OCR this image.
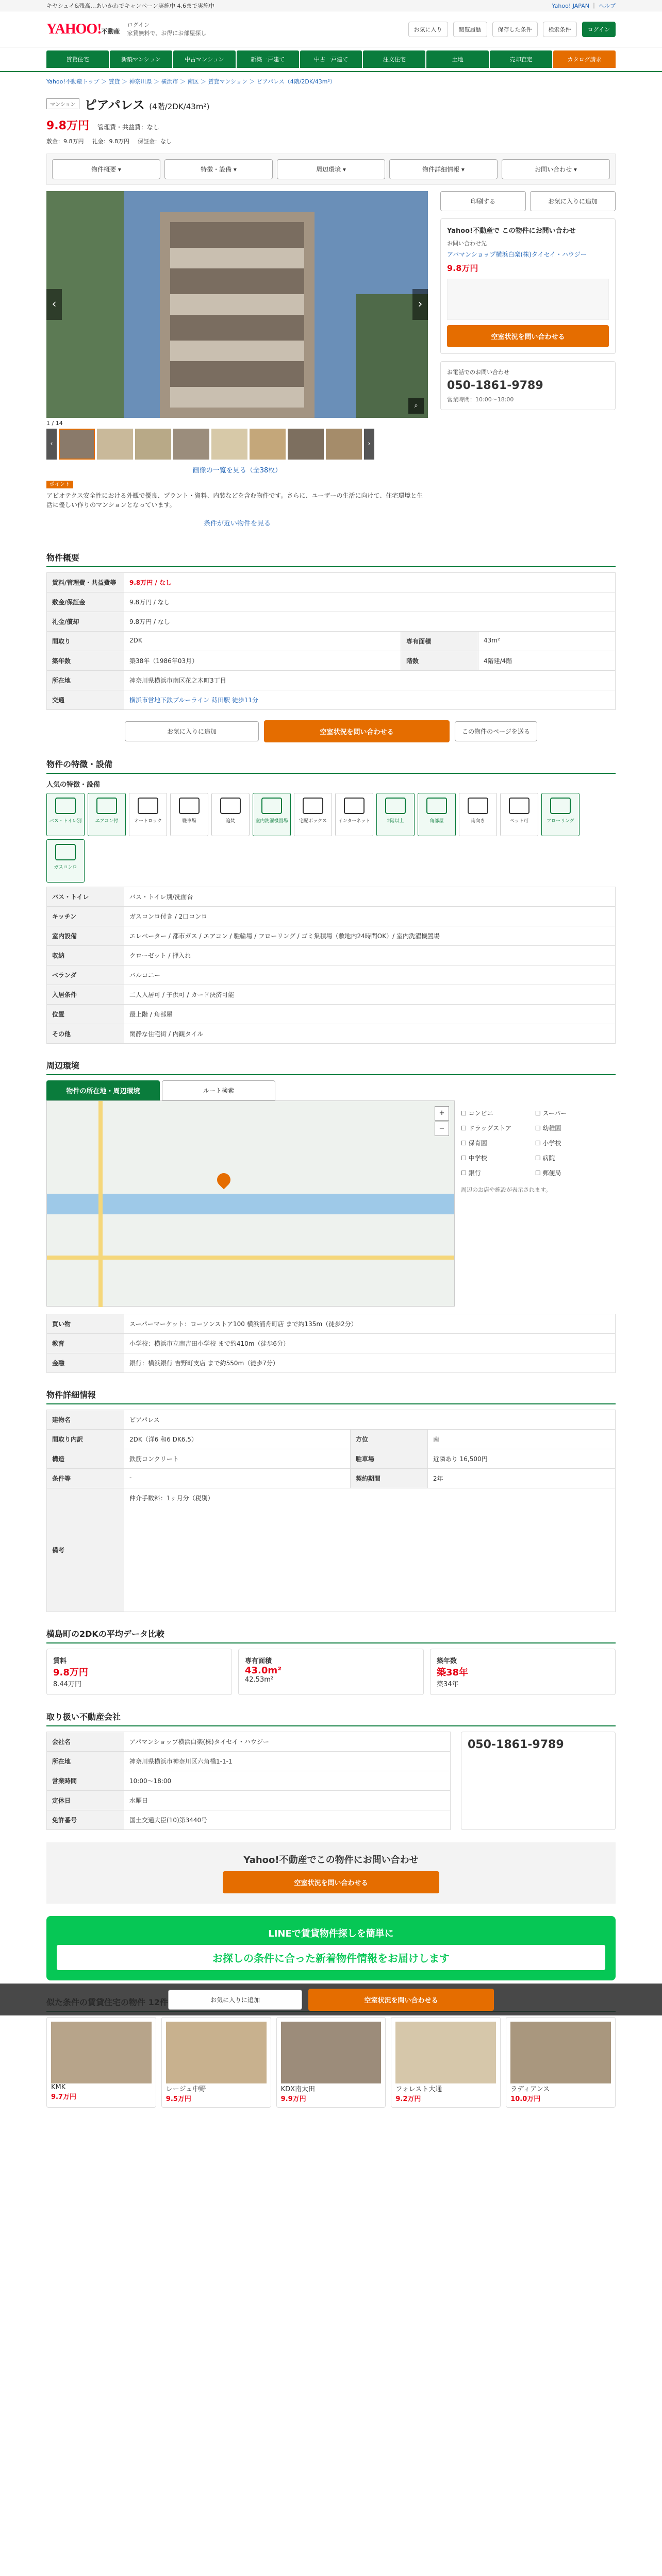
キヤシュイ&残高…あいかわでキャンペーン実施中 4.6まで実施中	Yahoo! JAPAN ｜ ヘルプ
YAHOO!不動産
ログイン
家賃無料で、お得にお部屋探し
お気に入り	閲覧履歴	保存した条件	検索条件	ログイン
賃貸住宅	新築マンション	中古マンション	新築一戸建て	中古一戸建て	注文住宅	土地	売却査定	カタログ請求
Yahoo!不動産トップ ＞ 賃貸 ＞ 神奈川県 ＞ 横浜市 ＞ 南区 ＞ 賃貸マンション ＞ ピアパレス（4階/2DK/43m²）
マンション ピアパレス (4階/2DK/43m²)
9.8万円 管理費・共益費：なし
敷金：9.8万円 礼金：9.8万円 保証金：なし
物件概要 ▾	特徴・設備 ▾	周辺環境 ▾	物件詳細情報 ▾	お問い合わせ ▾
‹	›
⌕
1 / 14
‹	›
画像の一覧を見る（全38枚）
ポイント

アピオテクス安全性における外観で優良、プラント・資料、内装などを含む物件です。さらに、ユーザーの生活に向けて、住宅環境と生活に優しい作りのマンションとなっています。

条件が近い物件を見る
印刷する	お気に入りに追加
Yahoo!不動産で この物件にお問い合わせ
お問い合わせ先
アパマンショップ横浜白楽(株)タイセイ・ハウジー
9.8万円
空室状況を問い合わせる
お電話でのお問い合わせ
050-1861-9789
営業時間：10:00〜18:00
物件概要
賃料/管理費・共益費等	9.8万円 / なし		
敷金/保証金	9.8万円 / なし		
礼金/償却	9.8万円 / なし		
間取り	2DK	専有面積	43m²
築年数	築38年（1986年03月）	階数	4階建/4階
所在地	神奈川県横浜市南区花之木町3丁目		
交通	横浜市営地下鉄ブルーライン 蒔田駅 徒歩11分		
お気に入りに追加	空室状況を問い合わせる	この物件のページを送る
物件の特徴・設備
人気の特徴・設備
バス・トイレ別	エアコン付	オートロック	駐車場	追焚	室内洗濯機置場	宅配ボックス	インターネット	2階以上	角部屋	南向き	ペット可	フローリング
ガスコンロ
バス・トイレ	バス・トイレ別/洗面台
キッチン	ガスコンロ付き / 2口コンロ
室内設備	エレベーター / 都市ガス / エアコン / 駐輪場 / フローリング / ゴミ集積場（敷地内24時間OK）/ 室内洗濯機置場
収納	クローゼット / 押入れ
ベランダ	バルコニー
入居条件	二人入居可 / 子供可 / カード決済可能
位置	最上階 / 角部屋
その他	閑静な住宅街 / 内観タイル
周辺環境
物件の所在地・周辺環境	ルート検索
+
−
☐ コンビニ	☐ スーパー ☐ ドラッグストア	☐ 幼稚園 ☐ 保育園	☐ 小学校 ☐ 中学校	☐ 病院 ☐ 銀行	☐ 郵便局

周辺のお店や施設が表示されます。

買い物	スーパーマーケット：ローソンストア100 横浜浦舟町店 まで約135m（徒歩2分）
教育	小学校：横浜市立南吉田小学校 まで約410m（徒歩6分）
金融	銀行：横浜銀行 吉野町支店 まで約550m（徒歩7分）
物件詳細情報
建物名	ピアパレス		
間取り内訳	2DK（洋6 和6 DK6.5）	方位	南
構造	鉄筋コンクリート	駐車場	近隣あり 16,500円
条件等	-	契約期間	2年
備考	仲介手数料：1ヶ月分（税別）		
横島町の2DKの平均データ比較
賃料
9.8万円
8.44万円
専有面積
43.0m²
42.53m²
築年数
築38年
築34年
取り扱い不動産会社
会社名	アパマンショップ横浜白楽(株)タイセイ・ハウジー
所在地	神奈川県横浜市神奈川区六角橋1-1-1
営業時間	10:00〜18:00
定休日	水曜日
免許番号	国土交通大臣(10)第3440号
050-1861-9789
Yahoo!不動産でこの物件にお問い合わせ
空室状況を問い合わせる
LINEで賃貸物件探しを簡単に
お探しの条件に合った新着物件情報をお届けします
KMK
9.7万円
レージュ中野
9.5万円
KDX南太田
9.9万円
フォレスト大通
9.2万円
ラディアンス
10.0万円
お気に入りに追加	空室状況を問い合わせる
